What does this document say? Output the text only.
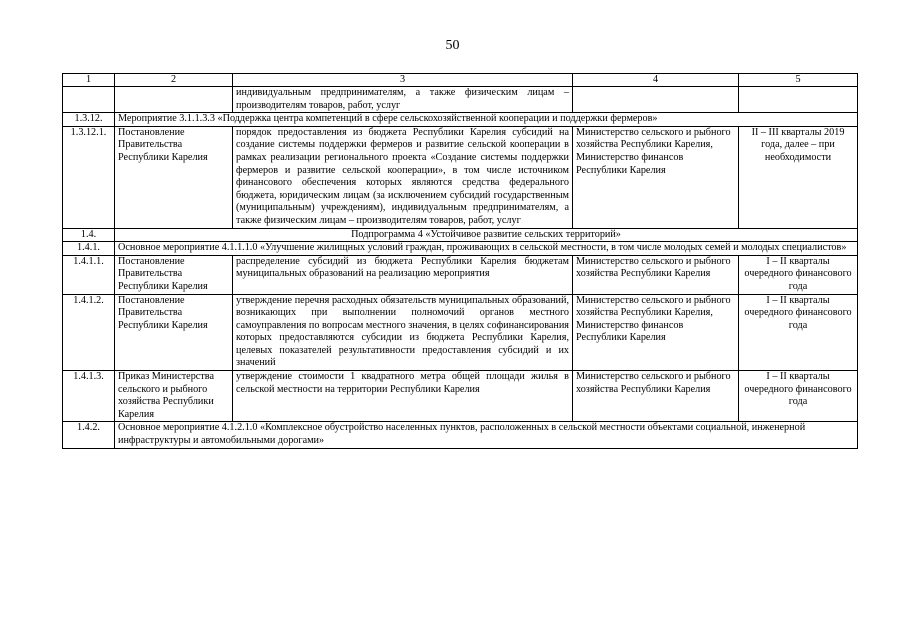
50
1	2	3	4	5
		индивидуальным предпринимателям, а также физическим лицам – производителям товаров, работ, услуг		
1.3.12.	Мероприятие 3.1.1.3.3 «Поддержка центра компетенций в сфере сельскохозяйственной кооперации и поддержки фермеров»			
1.3.12.1.	Постановление Правительства Республики Карелия	порядок предоставления из бюджета Республики Карелия субсидий на создание системы поддержки фермеров и развитие сельской кооперации в рамках реализации регионального проекта «Создание системы поддержки фермеров и развитие сельской кооперации», в том числе источником финансового обеспечения которых являются средства федерального бюджета, юридическим лицам (за исключением субсидий государственным (муниципальным) учреждениям), индивидуальным предпринимателям, а также физическим лицам – производителям товаров, работ, услуг	Министерство сельского и рыбного хозяйства Республики Карелия, Министерство финансов Республики Карелия	II – III кварталы 2019 года, далее – при необходимости
1.4.	Подпрограмма 4 «Устойчивое развитие сельских территорий»			
1.4.1.	Основное мероприятие 4.1.1.1.0 «Улучшение жилищных условий граждан, проживающих в сельской местности, в том числе молодых семей и молодых специалистов»			
1.4.1.1.	Постановление Правительства Республики Карелия	распределение субсидий из бюджета Республики Карелия бюджетам муниципальных образований на реализацию мероприятия	Министерство сельского и рыбного хозяйства Республики Карелия	I – II кварталы очередного финансового года
1.4.1.2.	Постановление Правительства Республики Карелия	утверждение перечня расходных обязательств муниципальных образований, возникающих при выполнении полномочий органов местного самоуправления по вопросам местного значения, в целях софинансирования которых предоставляются субсидии из бюджета Республики Карелия, целевых показателей результативности предоставления субсидий и их значений	Министерство сельского и рыбного хозяйства Республики Карелия, Министерство финансов Республики Карелия	I – II кварталы очередного финансового года
1.4.1.3.	Приказ Министерства сельского и рыбного хозяйства Республики Карелия	утверждение стоимости 1 квадратного метра общей площади жилья в сельской местности на территории Республики Карелия	Министерство сельского и рыбного хозяйства Республики Карелия	I – II кварталы очередного финансового года
1.4.2.	Основное мероприятие 4.1.2.1.0 «Комплексное обустройство населенных пунктов, расположенных в сельской местности объектами социальной, инженерной инфраструктуры и автомобильными дорогами»			
